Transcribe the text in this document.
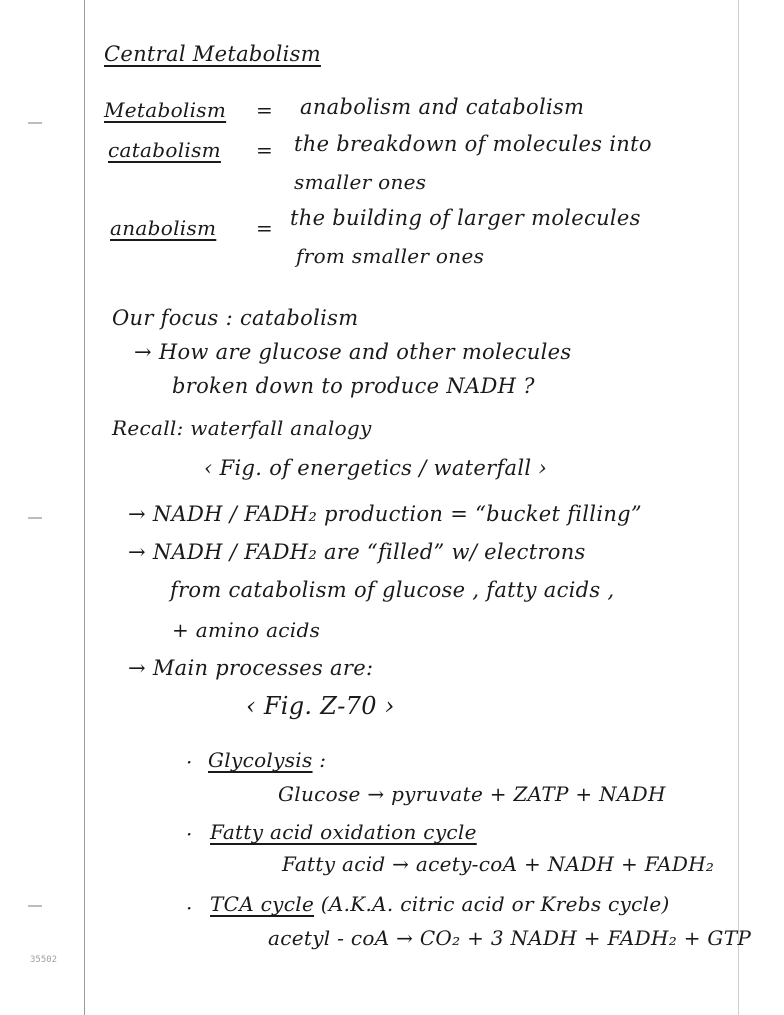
Central Metabolism
Metabolism = anabolism and catabolism
catabolism = the breakdown of molecules into
smaller ones
anabolism = the building of larger molecules
from smaller ones
Our focus : catabolism
→ How are glucose and other molecules
broken down to produce NADH ?
Recall: waterfall analogy
‹ Fig. of energetics / waterfall ›
→ NADH / FADH₂ production = “bucket filling”
→ NADH / FADH₂ are “filled” w/ electrons
from catabolism of glucose , fatty acids ,
+ amino acids
→ Main processes are:
‹ Fig. Z-70 ›
· Glycolysis :
Glucose → pyruvate + ZATP + NADH
· Fatty acid oxidation cycle
Fatty acid → acety-coA + NADH + FADH₂
· TCA cycle (A.K.A. citric acid or Krebs cycle)
acetyl - coA → CO₂ + 3 NADH + FADH₂ + GTP
35502
